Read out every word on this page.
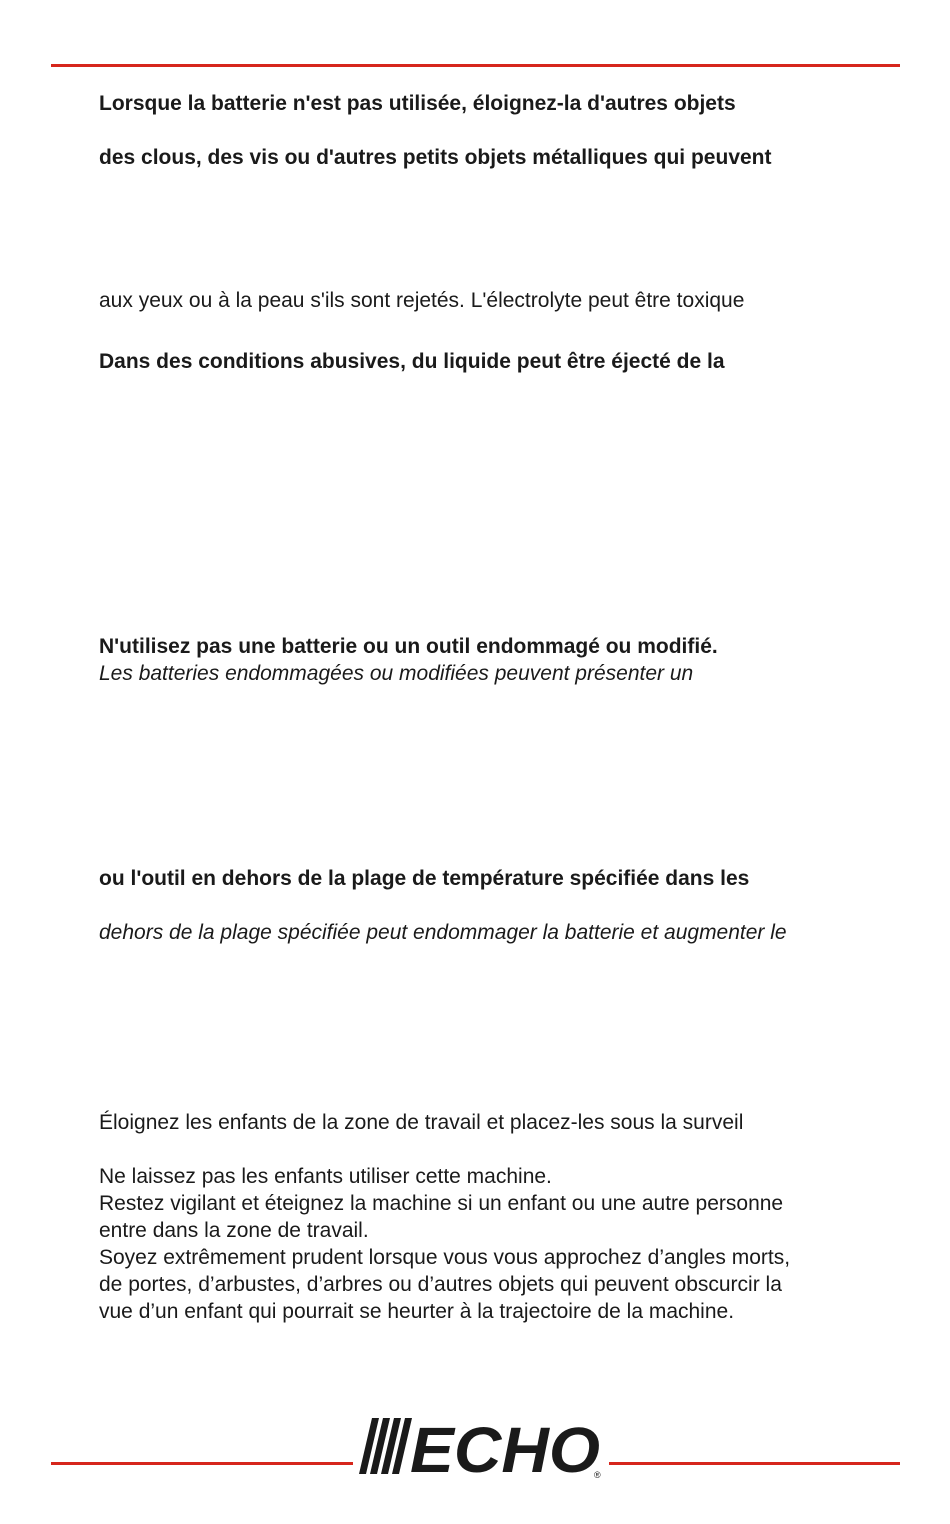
Lorsque la batterie n'est pas utilisée, éloignez-la d'autres objets
des clous, des vis ou d'autres petits objets métalliques qui peuvent
aux yeux ou à la peau s'ils sont rejetés. L'électrolyte peut être toxique
Dans des conditions abusives, du liquide peut être éjecté de la
N'utilisez pas une batterie ou un outil endommagé ou modifié.
Les batteries endommagées ou modifiées peuvent présenter un
ou l'outil en dehors de la plage de température spécifiée dans les
dehors de la plage spécifiée peut endommager la batterie et augmenter le
Éloignez les enfants de la zone de travail et placez-les sous la surveil
Ne laissez pas les enfants utiliser cette machine.
Restez vigilant et éteignez la machine si un enfant ou une autre personne
entre dans la zone de travail.
Soyez extrêmement prudent lorsque vous vous approchez d’angles morts,
de portes, d’arbustes, d’arbres ou d’autres objets qui peuvent obscurcir la
vue d’un enfant qui pourrait se heurter à la trajectoire de la machine.
ECHO
®
